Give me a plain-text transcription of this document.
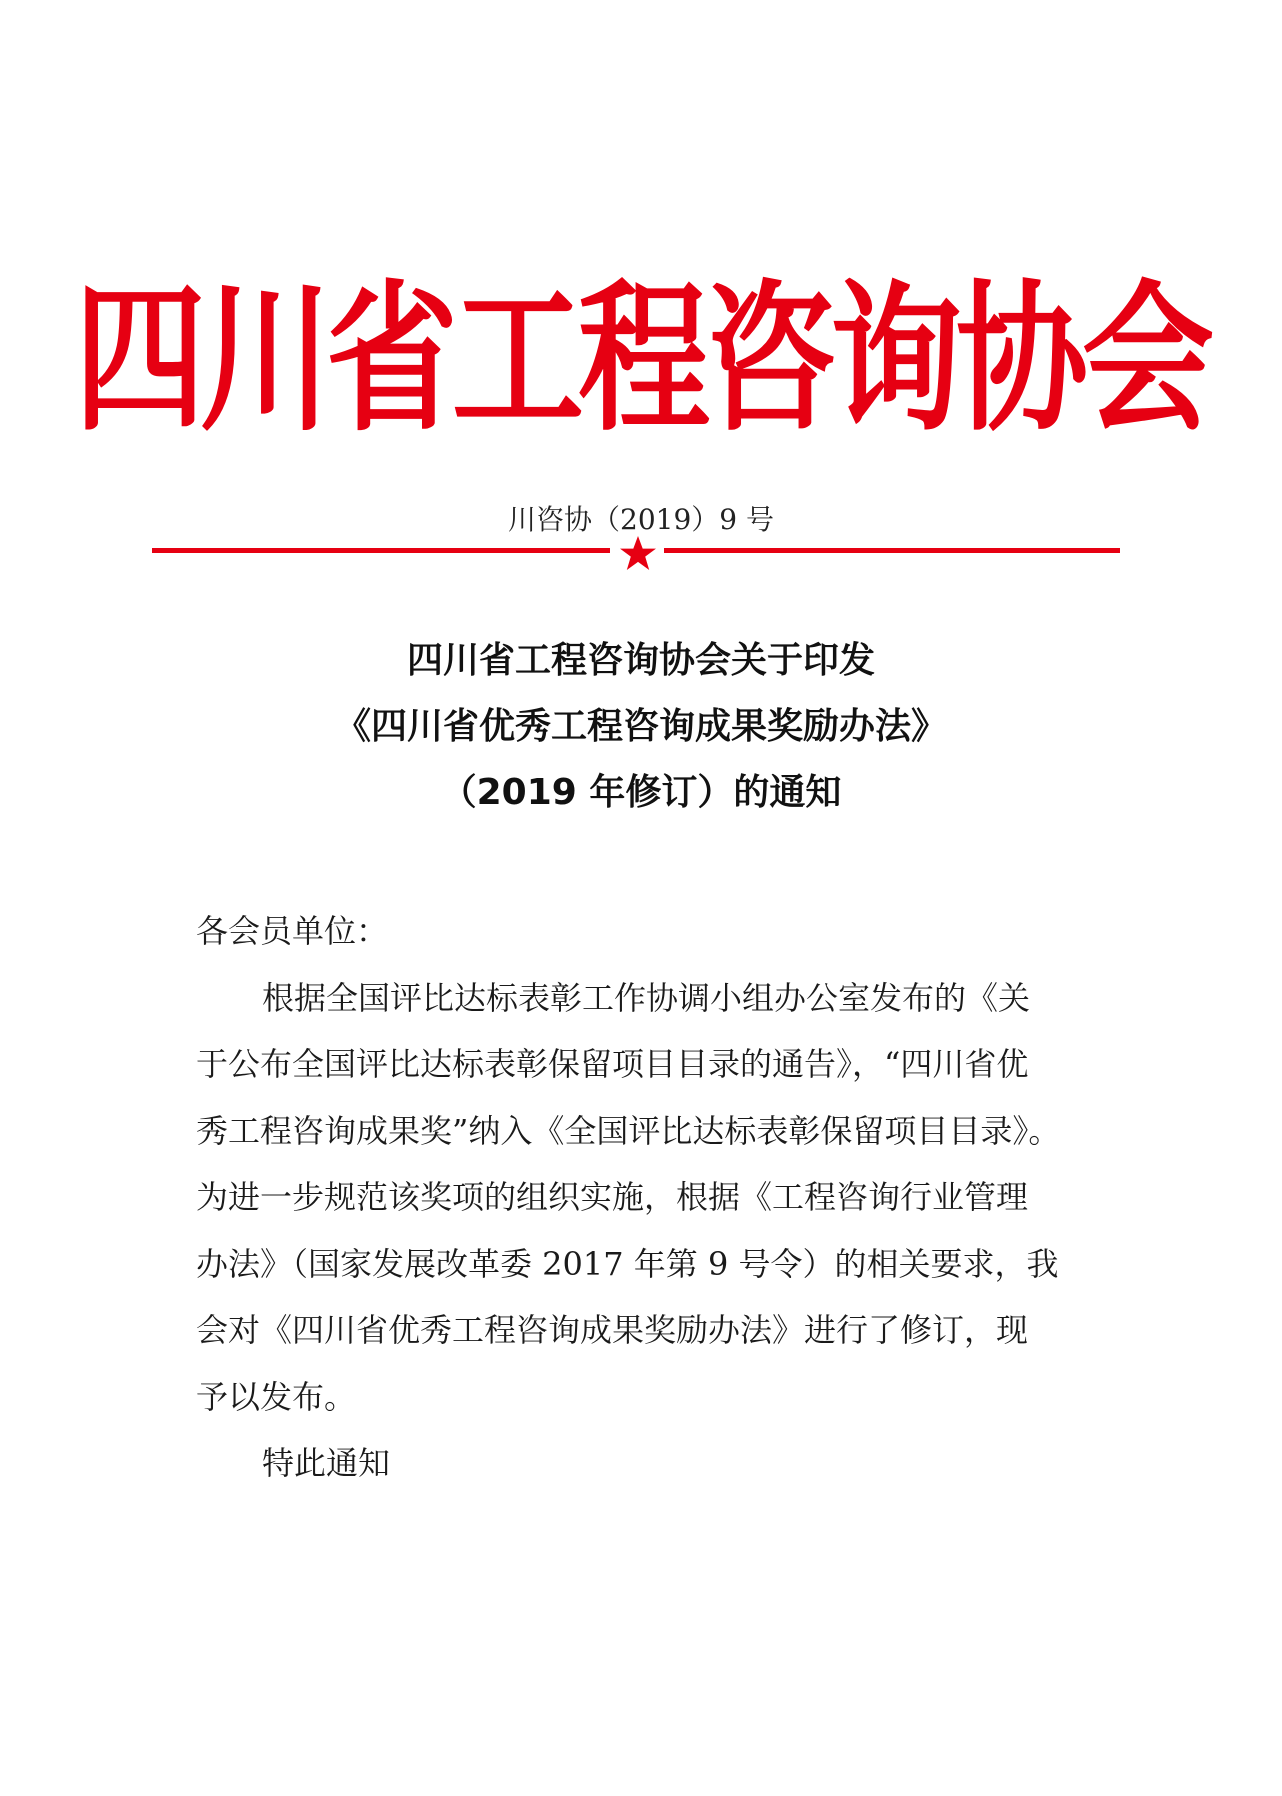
四川省工程咨询协会
川咨协（2019）9 号
四川省工程咨询协会关于印发
《四川省优秀工程咨询成果奖励办法》
（2019 年修订）的通知
各会员单位：
根据全国评比达标表彰工作协调小组办公室发布的《关
于公布全国评比达标表彰保留项目目录的通告》，“四川省优
秀工程咨询成果奖”纳入《全国评比达标表彰保留项目目录》。
为进一步规范该奖项的组织实施，根据《工程咨询行业管理
办法》（国家发展改革委 2017 年第 9 号令）的相关要求，我
会对《四川省优秀工程咨询成果奖励办法》进行了修订，现
予以发布。
特此通知
